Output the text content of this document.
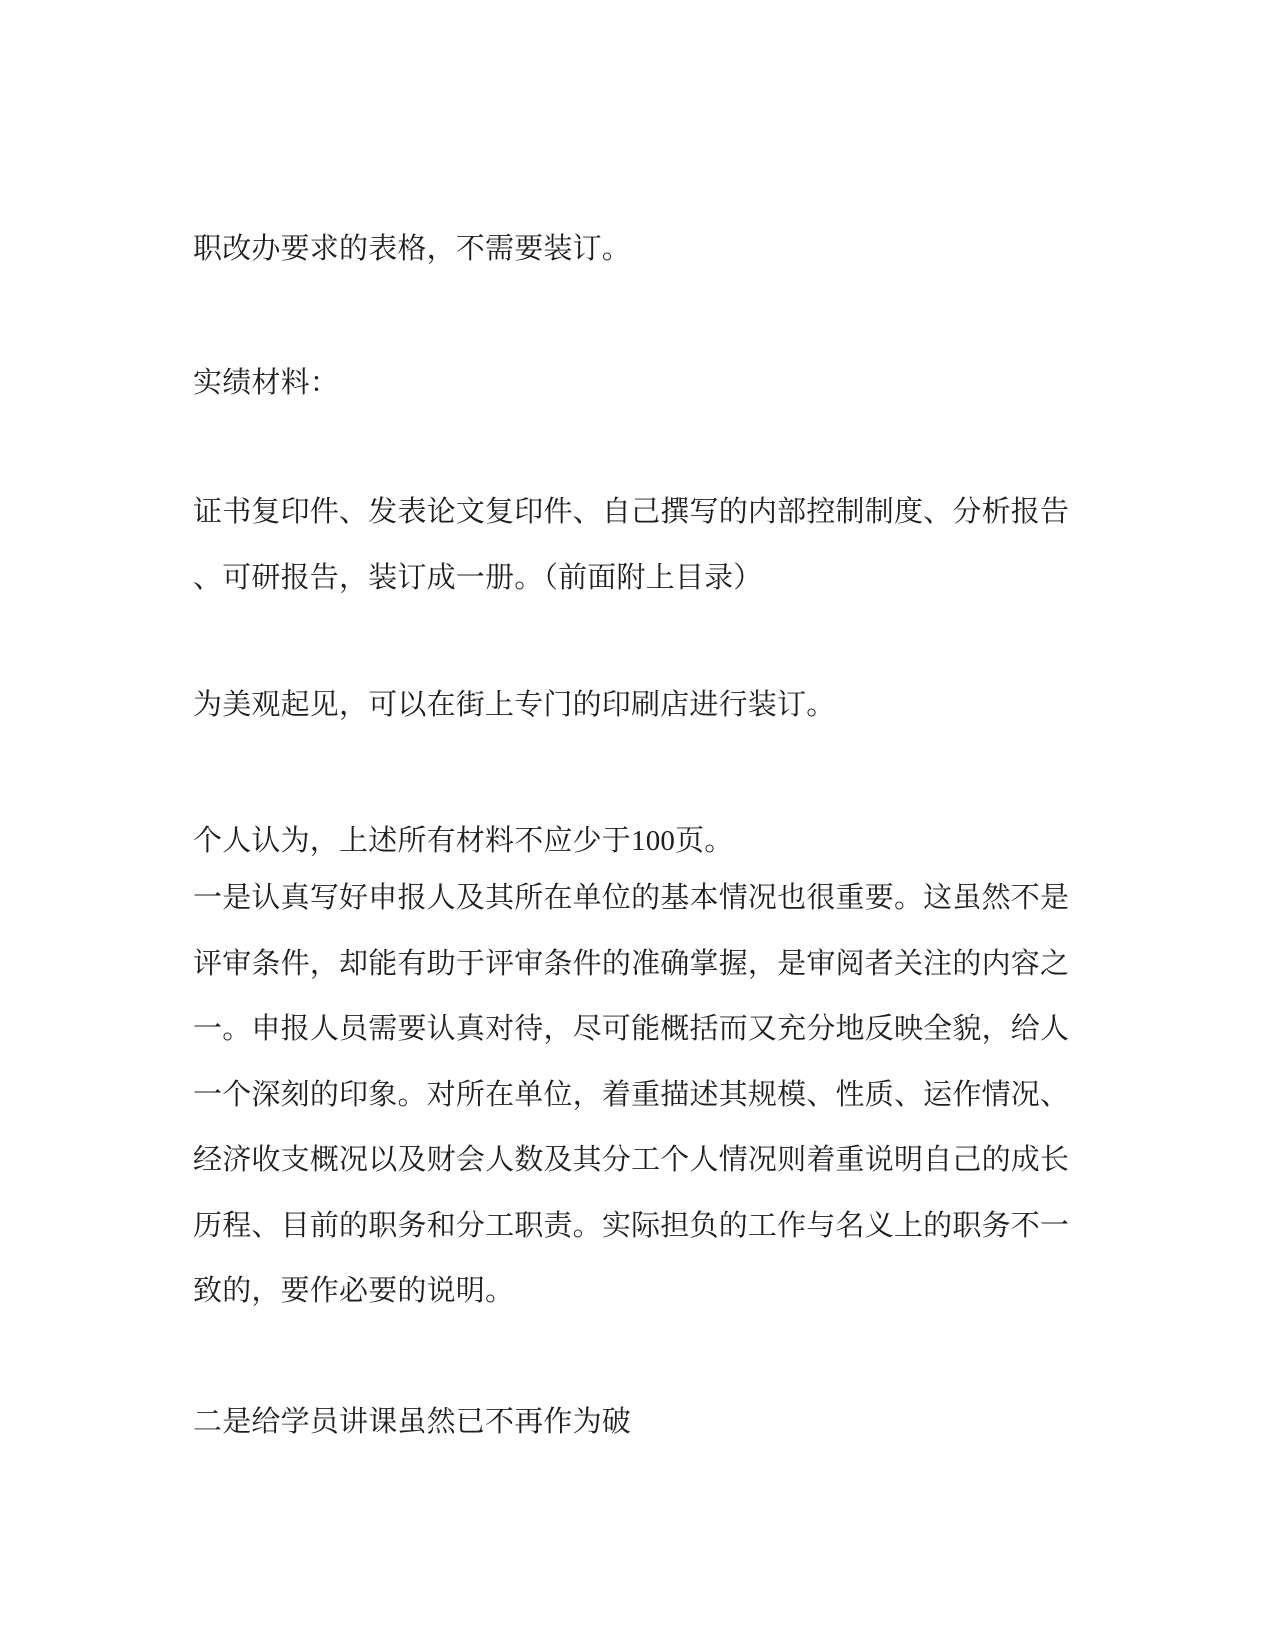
职改办要求的表格，不需要装订。
实绩材料：
证书复印件、发表论文复印件、自己撰写的内部控制制度、分析报告
、可研报告，装订成一册。（前面附上目录）
为美观起见，可以在街上专门的印刷店进行装订。
个人认为，上述所有材料不应少于100页。
一是认真写好申报人及其所在单位的基本情况也很重要。这虽然不是
评审条件，却能有助于评审条件的准确掌握，是审阅者关注的内容之
一。申报人员需要认真对待，尽可能概括而又充分地反映全貌，给人
一个深刻的印象。对所在单位，着重描述其规模、性质、运作情况、
经济收支概况以及财会人数及其分工个人情况则着重说明自己的成长
历程、目前的职务和分工职责。实际担负的工作与名义上的职务不一
致的，要作必要的说明。
二是给学员讲课虽然已不再作为破
